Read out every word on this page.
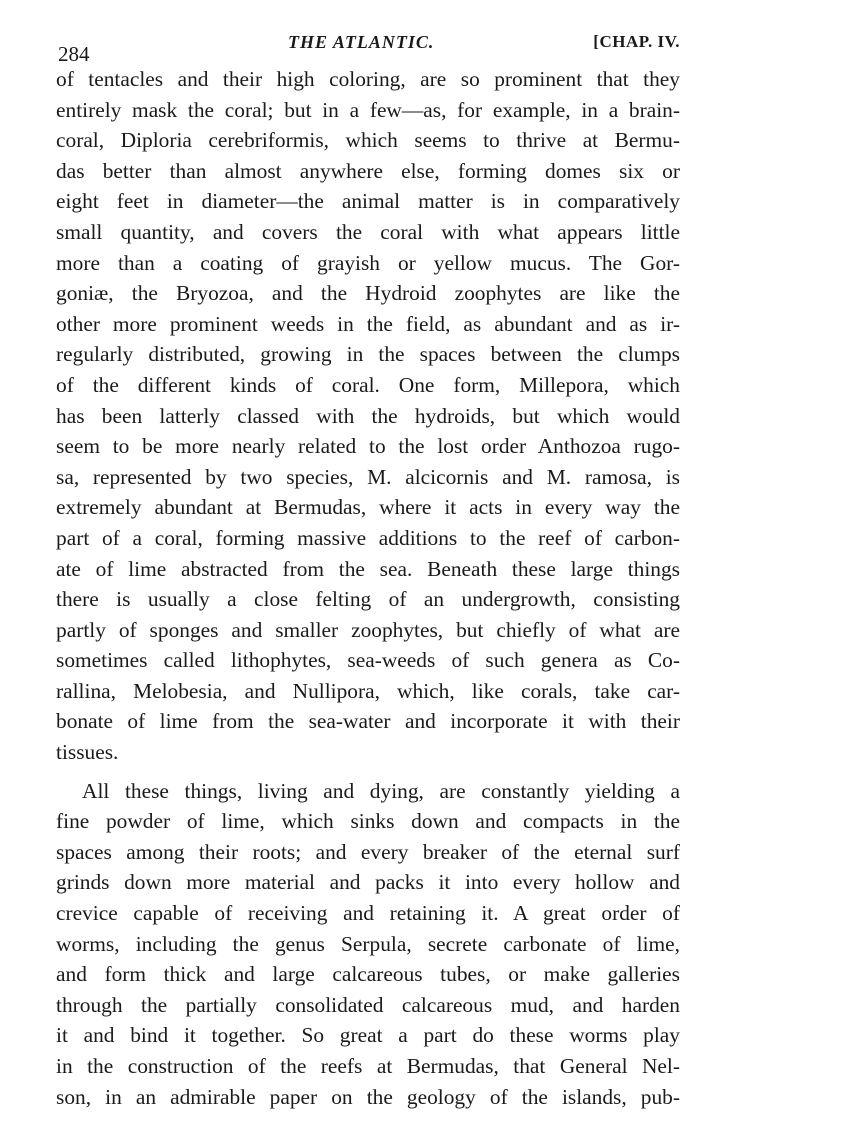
284	THE ATLANTIC.	[CHAP. IV.
of tentacles and their high coloring, are so prominent that they
entirely mask the coral; but in a few—as, for example, in a brain-
coral, Diploria cerebriformis, which seems to thrive at Bermu-
das better than almost anywhere else, forming domes six or
eight feet in diameter—the animal matter is in comparatively
small quantity, and covers the coral with what appears little
more than a coating of grayish or yellow mucus. The Gor-
goniæ, the Bryozoa, and the Hydroid zoophytes are like the
other more prominent weeds in the field, as abundant and as ir-
regularly distributed, growing in the spaces between the clumps
of the different kinds of coral. One form, Millepora, which
has been latterly classed with the hydroids, but which would
seem to be more nearly related to the lost order Anthozoa rugo-
sa, represented by two species, M. alcicornis and M. ramosa, is
extremely abundant at Bermudas, where it acts in every way the
part of a coral, forming massive additions to the reef of carbon-
ate of lime abstracted from the sea. Beneath these large things
there is usually a close felting of an undergrowth, consisting
partly of sponges and smaller zoophytes, but chiefly of what are
sometimes called lithophytes, sea-weeds of such genera as Co-
rallina, Melobesia, and Nullipora, which, like corals, take car-
bonate of lime from the sea-water and incorporate it with their
tissues.
All these things, living and dying, are constantly yielding a
fine powder of lime, which sinks down and compacts in the
spaces among their roots; and every breaker of the eternal surf
grinds down more material and packs it into every hollow and
crevice capable of receiving and retaining it. A great order of
worms, including the genus Serpula, secrete carbonate of lime,
and form thick and large calcareous tubes, or make galleries
through the partially consolidated calcareous mud, and harden
it and bind it together. So great a part do these worms play
in the construction of the reefs at Bermudas, that General Nel-
son, in an admirable paper on the geology of the islands, pub-
